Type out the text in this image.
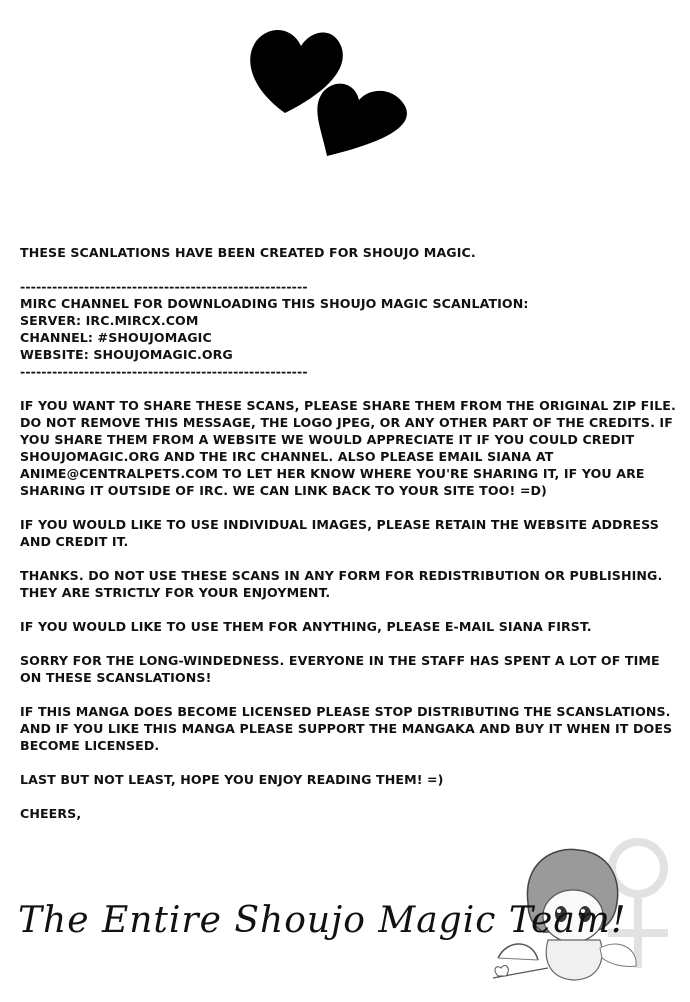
THESE SCANLATIONS HAVE BEEN CREATED FOR SHOUJO MAGIC.

------------------------------------------------------

MIRC CHANNEL FOR DOWNLOADING THIS SHOUJO MAGIC SCANLATION:

SERVER: IRC.MIRCX.COM

CHANNEL: #SHOUJOMAGIC

WEBSITE: SHOUJOMAGIC.ORG

------------------------------------------------------

IF YOU WANT TO SHARE THESE SCANS, PLEASE SHARE THEM FROM THE ORIGINAL ZIP FILE. DO NOT REMOVE THIS MESSAGE, THE LOGO JPEG, OR ANY OTHER PART OF THE CREDITS. IF YOU SHARE THEM FROM A WEBSITE WE WOULD APPRECIATE IT IF YOU COULD CREDIT SHOUJOMAGIC.ORG AND THE IRC CHANNEL. ALSO PLEASE EMAIL SIANA AT ANIME@CENTRALPETS.COM TO LET HER KNOW WHERE YOU'RE SHARING IT, IF YOU ARE SHARING IT OUTSIDE OF IRC. WE CAN LINK BACK TO YOUR SITE TOO! =D)

IF YOU WOULD LIKE TO USE INDIVIDUAL IMAGES, PLEASE RETAIN THE WEBSITE ADDRESS AND CREDIT IT.

THANKS. DO NOT USE THESE SCANS IN ANY FORM FOR REDISTRIBUTION OR PUBLISHING. THEY ARE STRICTLY FOR YOUR ENJOYMENT.

IF YOU WOULD LIKE TO USE THEM FOR ANYTHING, PLEASE E-MAIL SIANA FIRST.

SORRY FOR THE LONG-WINDEDNESS. EVERYONE IN THE STAFF HAS SPENT A LOT OF TIME ON THESE SCANSLATIONS!

IF THIS MANGA DOES BECOME LICENSED PLEASE STOP DISTRIBUTING THE SCANSLATIONS. AND IF YOU LIKE THIS MANGA PLEASE SUPPORT THE MANGAKA AND BUY IT WHEN IT DOES BECOME LICENSED.

LAST BUT NOT LEAST, HOPE YOU ENJOY READING THEM! =)

CHEERS,

The Entire Shoujo Magic Team!
